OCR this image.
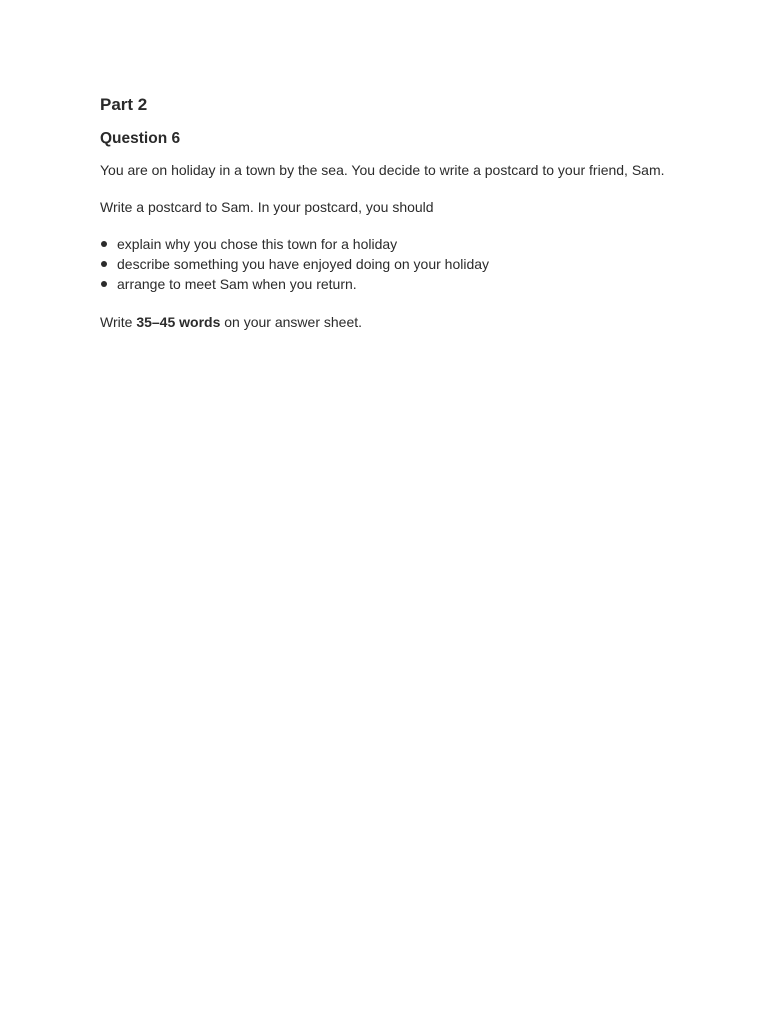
Part 2
Question 6

You are on holiday in a town by the sea. You decide to write a postcard to your friend, Sam.

Write a postcard to Sam. In your postcard, you should

explain why you chose this town for a holiday
describe something you have enjoyed doing on your holiday
arrange to meet Sam when you return.

Write 35–45 words on your answer sheet.
